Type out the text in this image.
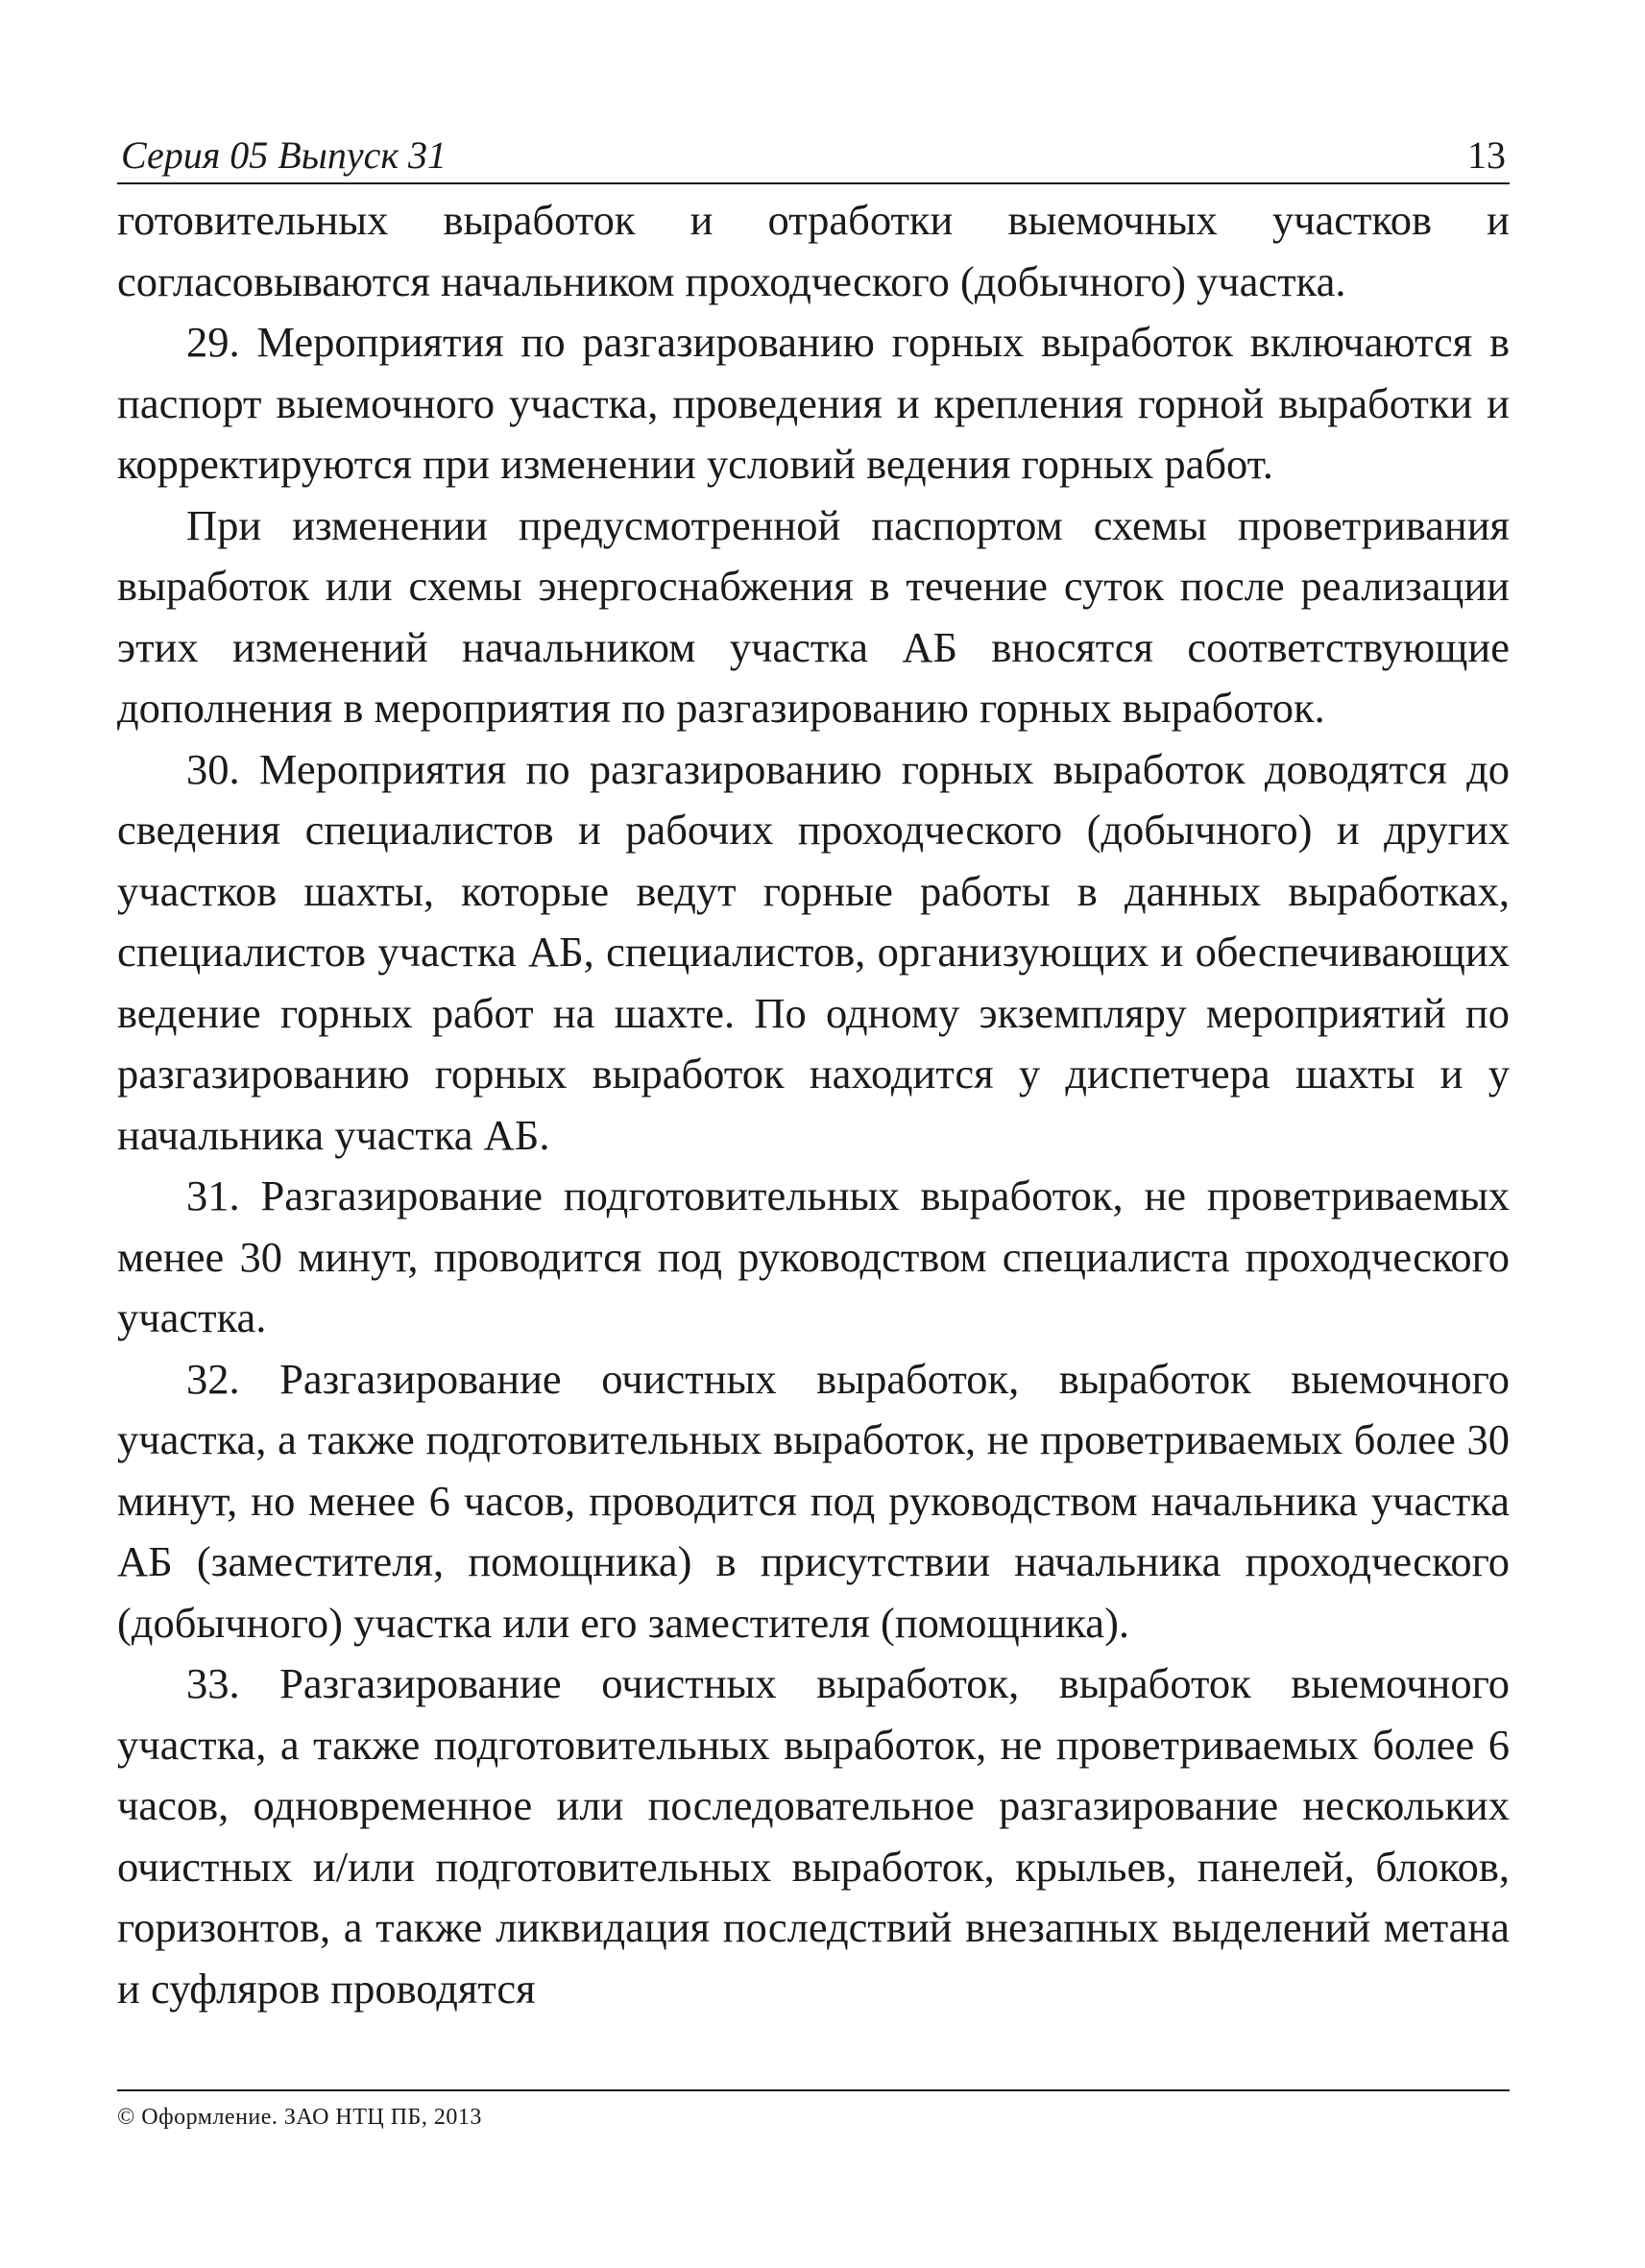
Серия 05 Выпуск 31	13

готовительных выработок и отработки выемочных участков и согласовываются начальником проходческого (добычного) участка.

29. Мероприятия по разгазированию горных выработок включаются в паспорт выемочного участка, проведения и крепления горной выработки и корректируются при изменении условий ведения горных работ.

При изменении предусмотренной паспортом схемы проветривания выработок или схемы энергоснабжения в течение суток после реализации этих изменений начальником участка АБ вносятся соответствующие дополнения в мероприятия по разгазированию горных выработок.

30. Мероприятия по разгазированию горных выработок доводятся до сведения специалистов и рабочих проходческого (добычного) и других участков шахты, которые ведут горные работы в данных выработках, специалистов участка АБ, специалистов, организующих и обеспечивающих ведение горных работ на шахте. По одному экземпляру мероприятий по разгазированию горных выработок находится у диспетчера шахты и у начальника участка АБ.

31. Разгазирование подготовительных выработок, не проветриваемых менее 30 минут, проводится под руководством специалиста проходческого участка.

32. Разгазирование очистных выработок, выработок выемочного участка, а также подготовительных выработок, не проветриваемых более 30 минут, но менее 6 часов, проводится под руководством начальника участка АБ (заместителя, помощника) в присутствии начальника проходческого (добычного) участка или его заместителя (помощника).

33. Разгазирование очистных выработок, выработок выемочного участка, а также подготовительных выработок, не проветриваемых более 6 часов, одновременное или последовательное разгазирование нескольких очистных и/или подготовительных выработок, крыльев, панелей, блоков, горизонтов, а также ликвидация последствий внезапных выделений метана и суфляров проводятся

© Оформление. ЗАО НТЦ ПБ, 2013
